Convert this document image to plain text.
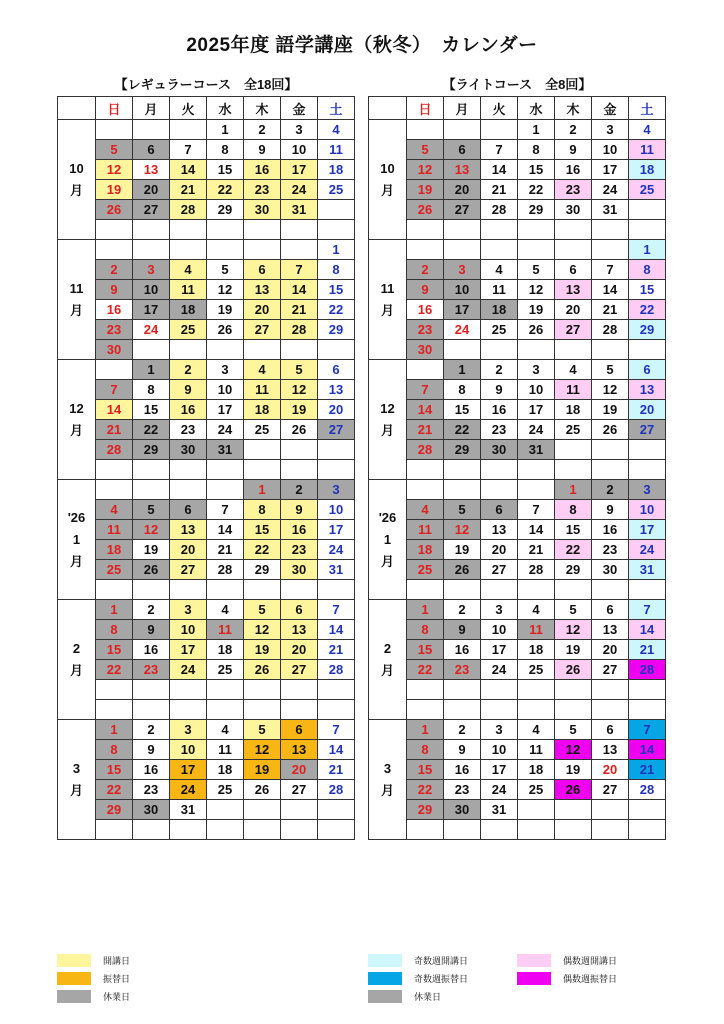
2025年度 語学講座（秋冬）　カレンダー
【レギュラーコース　全18回】
	日	月	火	水	木	金	土
10
月				1	2	3	4
	5	6	7	8	9	10	11
	12	13	14	15	16	17	18
	19	20	21	22	23	24	25
	26	27	28	29	30	31	

11
月							1
	2	3	4	5	6	7	8
	9	10	11	12	13	14	15
	16	17	18	19	20	21	22
	23	24	25	26	27	28	29
	30						
12
月		1	2	3	4	5	6
	7	8	9	10	11	12	13
	14	15	16	17	18	19	20
	21	22	23	24	25	26	27
	28	29	30	31			

'26
1
月					1	2	3
	4	5	6	7	8	9	10
	11	12	13	14	15	16	17
	18	19	20	21	22	23	24
	25	26	27	28	29	30	31

2
月	1	2	3	4	5	6	7
	8	9	10	11	12	13	14
	15	16	17	18	19	20	21
	22	23	24	25	26	27	28

3
月	1	2	3	4	5	6	7
	8	9	10	11	12	13	14
	15	16	17	18	19	20	21
	22	23	24	25	26	27	28
	29	30	31				

【ライトコース　全8回】
	日	月	火	水	木	金	土
10
月				1	2	3	4
	5	6	7	8	9	10	11
	12	13	14	15	16	17	18
	19	20	21	22	23	24	25
	26	27	28	29	30	31	

11
月							1
	2	3	4	5	6	7	8
	9	10	11	12	13	14	15
	16	17	18	19	20	21	22
	23	24	25	26	27	28	29
	30						
12
月		1	2	3	4	5	6
	7	8	9	10	11	12	13
	14	15	16	17	18	19	20
	21	22	23	24	25	26	27
	28	29	30	31			

'26
1
月					1	2	3
	4	5	6	7	8	9	10
	11	12	13	14	15	16	17
	18	19	20	21	22	23	24
	25	26	27	28	29	30	31

2
月	1	2	3	4	5	6	7
	8	9	10	11	12	13	14
	15	16	17	18	19	20	21
	22	23	24	25	26	27	28

3
月	1	2	3	4	5	6	7
	8	9	10	11	12	13	14
	15	16	17	18	19	20	21
	22	23	24	25	26	27	28
	29	30	31				

開講日
振替日
休業日
奇数週開講日
奇数週振替日
休業日
偶数週開講日
偶数週振替日
